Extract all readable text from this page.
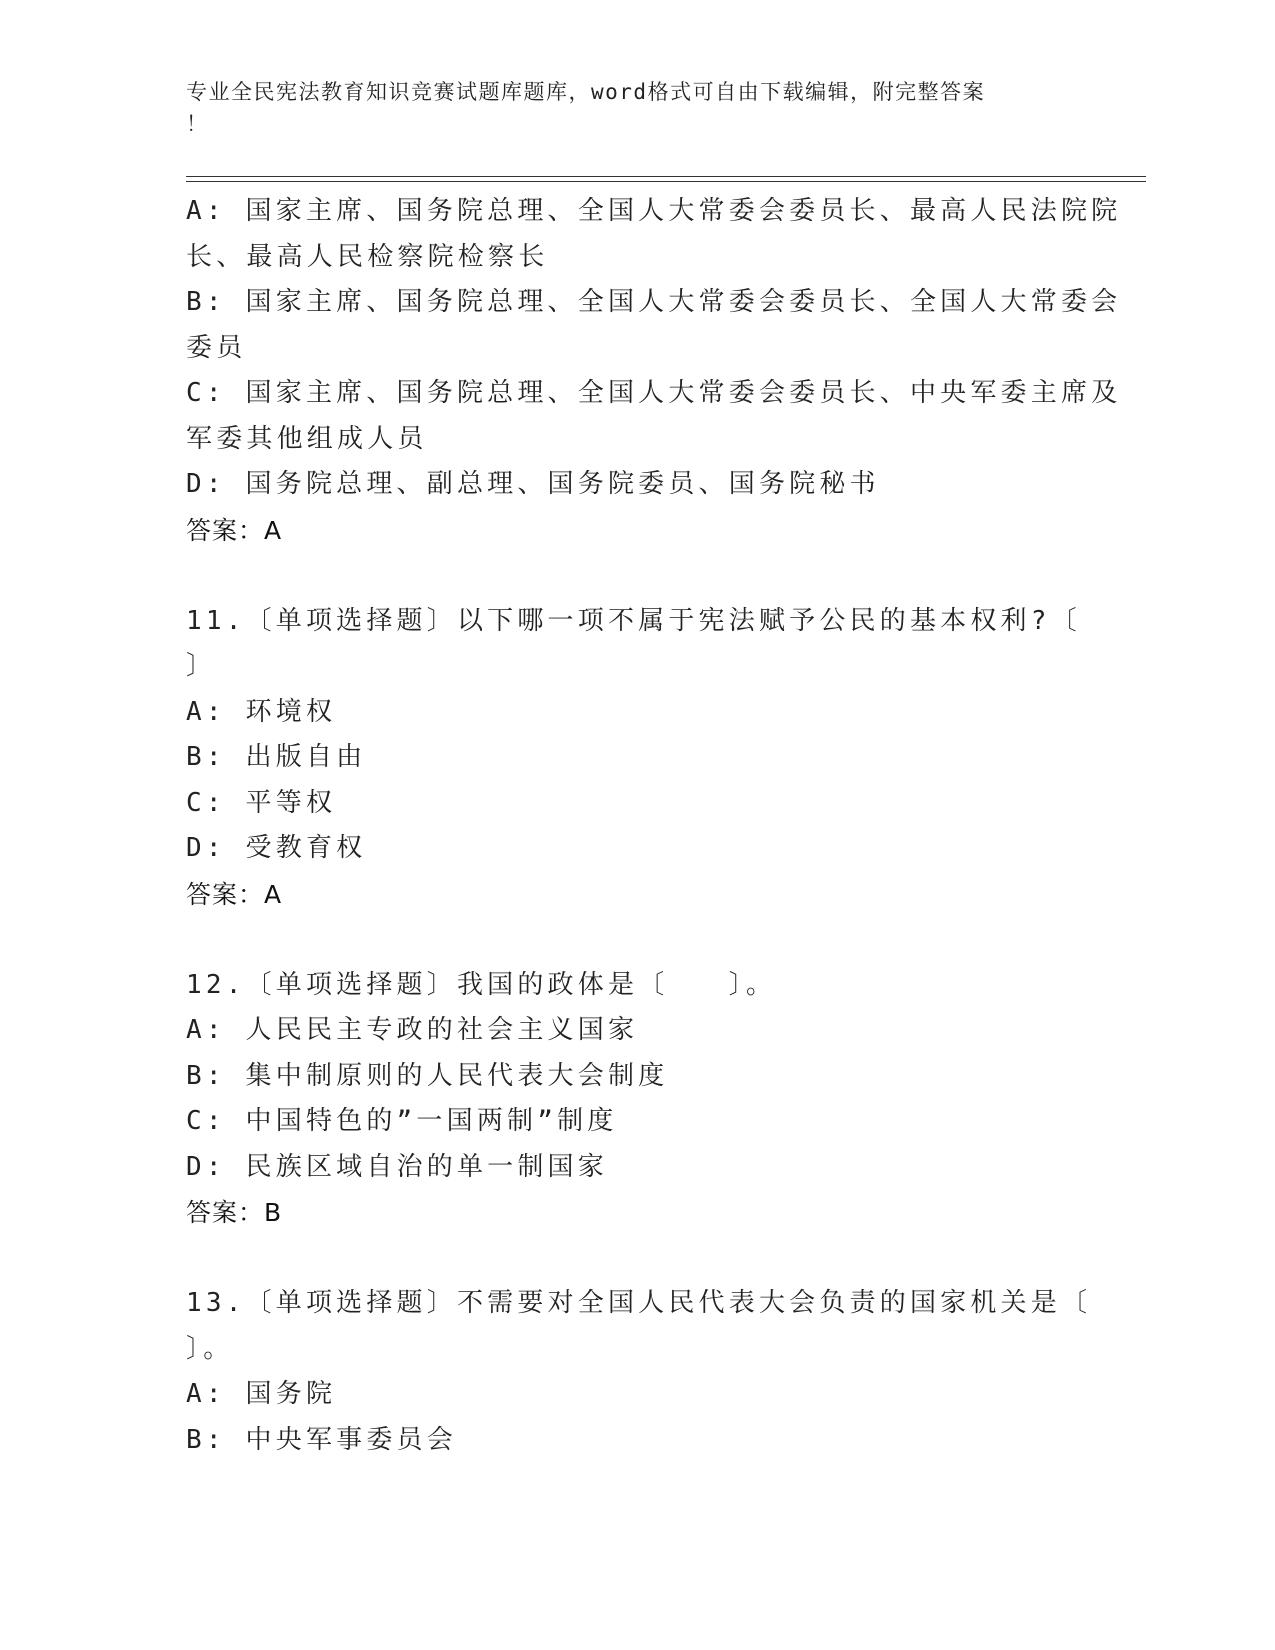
专业全民宪法教育知识竞赛试题库题库，word格式可自由下载编辑，附完整答案
！
A: 国家主席、国务院总理、全国人大常委会委员长、最高人民法院院
长、最高人民检察院检察长
B: 国家主席、国务院总理、全国人大常委会委员长、全国人大常委会
委员
C: 国家主席、国务院总理、全国人大常委会委员长、中央军委主席及
军委其他组成人员
D: 国务院总理、副总理、国务院委员、国务院秘书
答案：A
11.〔单项选择题〕以下哪一项不属于宪法赋予公民的基本权利?〔
〕
A: 环境权
B: 出版自由
C: 平等权
D: 受教育权
答案：A
12.〔单项选择题〕我国的政体是〔　　〕。
A: 人民民主专政的社会主义国家
B: 集中制原则的人民代表大会制度
C: 中国特色的”一国两制”制度
D: 民族区域自治的单一制国家
答案：B
13.〔单项选择题〕不需要对全国人民代表大会负责的国家机关是〔
〕。
A: 国务院
B: 中央军事委员会
